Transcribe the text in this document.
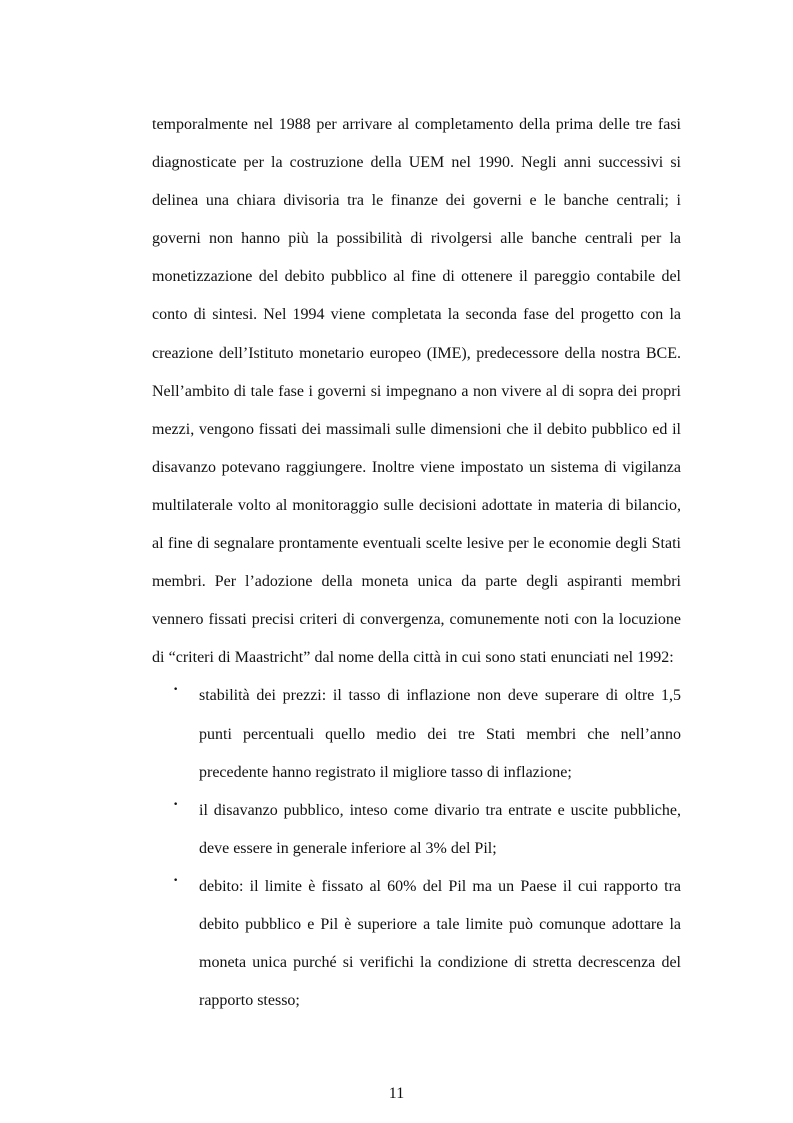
temporalmente nel 1988 per arrivare al completamento della prima delle tre fasi diagnosticate per la costruzione della UEM nel 1990. Negli anni successivi si delinea una chiara divisoria tra le finanze dei governi e le banche centrali; i governi non hanno più la possibilità di rivolgersi alle banche centrali per la monetizzazione del debito pubblico al fine di ottenere il pareggio contabile del conto di sintesi. Nel 1994 viene completata la seconda fase del progetto con la creazione dell’Istituto monetario europeo (IME), predecessore della nostra BCE. Nell’ambito di tale fase i governi si impegnano a non vivere al di sopra dei propri mezzi, vengono fissati dei massimali sulle dimensioni che il debito pubblico ed il disavanzo potevano raggiungere. Inoltre viene impostato un sistema di vigilanza multilaterale volto al monitoraggio sulle decisioni adottate in materia di bilancio, al fine di segnalare prontamente eventuali scelte lesive per le economie degli Stati membri. Per l’adozione della moneta unica da parte degli aspiranti membri vennero fissati precisi criteri di convergenza, comunemente noti con la locuzione di “criteri di Maastricht” dal nome della città in cui sono stati enunciati nel 1992:

· stabilità dei prezzi: il tasso di inflazione non deve superare di oltre 1,5 punti percentuali quello medio dei tre Stati membri che nell’anno precedente hanno registrato il migliore tasso di inflazione;
· il disavanzo pubblico, inteso come divario tra entrate e uscite pubbliche, deve essere in generale inferiore al 3% del Pil;
· debito: il limite è fissato al 60% del Pil ma un Paese il cui rapporto tra debito pubblico e Pil è superiore a tale limite può comunque adottare la moneta unica purché si verifichi la condizione di stretta decrescenza del rapporto stesso;
11
